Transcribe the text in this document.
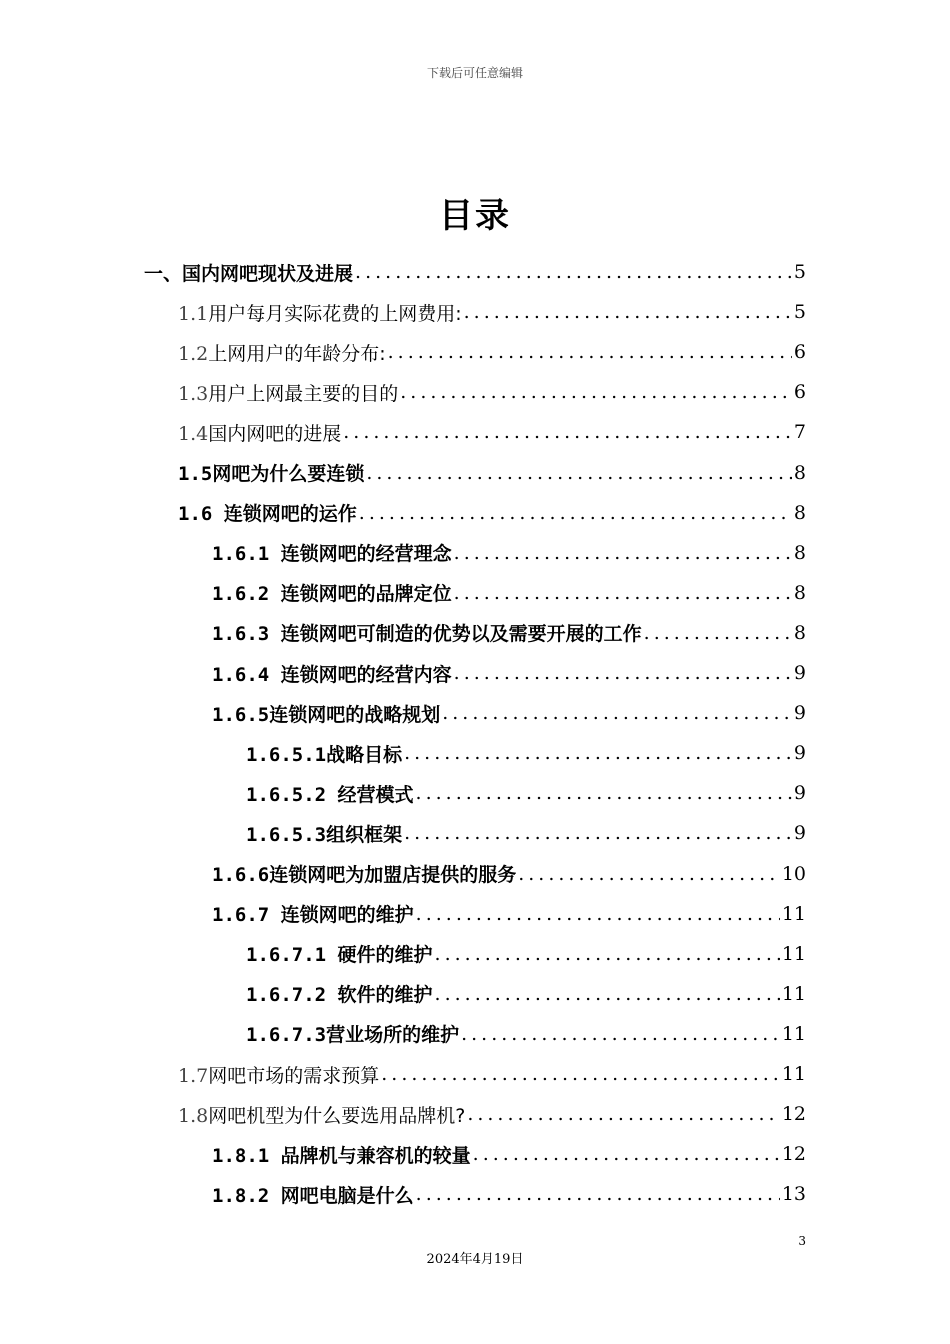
下载后可任意编辑
目录
一、国内网吧现状及进展 .....	5
1.1用户每月实际花费的上网费用: .....	5
1.2上网用户的年龄分布: .....	6
1.3用户上网最主要的目的 .....	6
1.4国内网吧的进展 .....	7
1.5网吧为什么要连锁 .....	8
1.6 连锁网吧的运作 .....	8
1.6.1 连锁网吧的经营理念 .....	8
1.6.2 连锁网吧的品牌定位 .....	8
1.6.3 连锁网吧可制造的优势以及需要开展的工作 .....	8
1.6.4 连锁网吧的经营内容 .....	9
1.6.5连锁网吧的战略规划 .....	9
1.6.5.1战略目标 .....	9
1.6.5.2 经营模式 .....	9
1.6.5.3组织框架 .....	9
1.6.6连锁网吧为加盟店提供的服务 .....	10
1.6.7 连锁网吧的维护 .....	11
1.6.7.1 硬件的维护 .....	11
1.6.7.2 软件的维护 .....	11
1.6.7.3营业场所的维护 .....	11
1.7网吧市场的需求预算 .....	11
1.8网吧机型为什么要选用品牌机? .....	12
1.8.1 品牌机与兼容机的较量 .....	12
1.8.2 网吧电脑是什么 .....	13
3
2024年4月19日
